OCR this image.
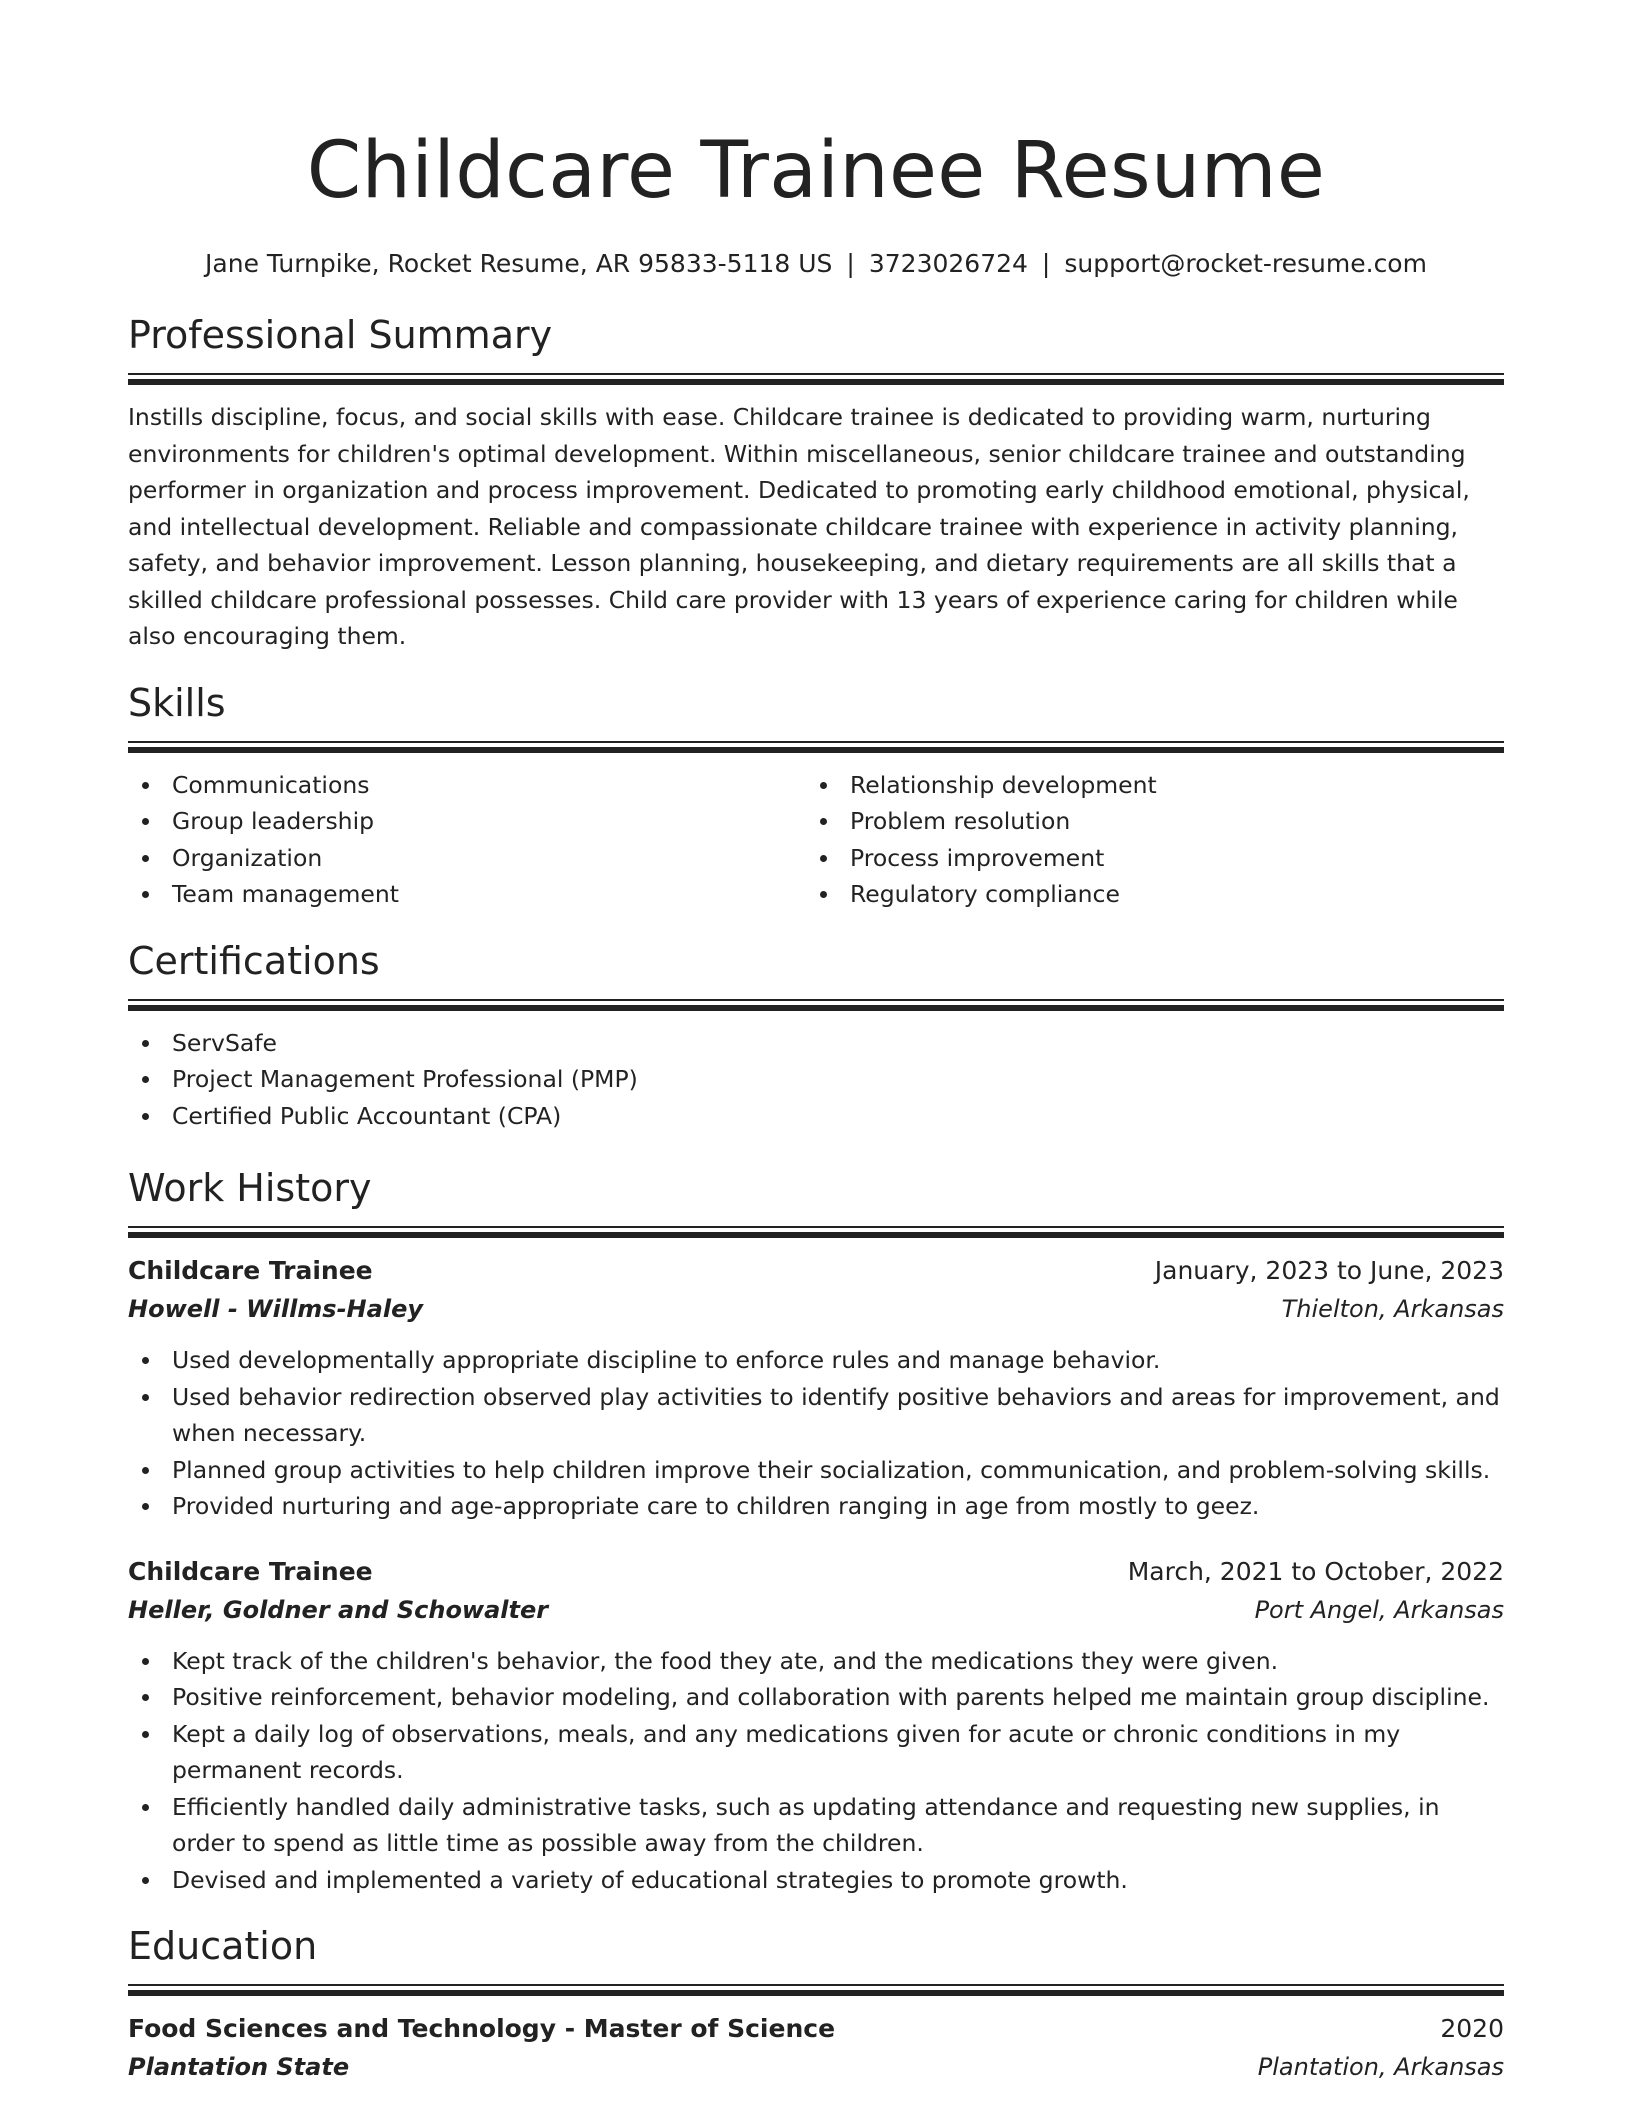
Childcare Trainee Resume
Jane Turnpike, Rocket Resume, AR 95833-5118 US | 3723026724 | support@rocket-resume.com
Professional Summary

Instills discipline, focus, and social skills with ease. Childcare trainee is dedicated to providing warm, nurturing environments for children's optimal development. Within miscellaneous, senior childcare trainee and outstanding performer in organization and process improvement. Dedicated to promoting early childhood emotional, physical, and intellectual development. Reliable and compassionate childcare trainee with experience in activity planning, safety, and behavior improvement. Lesson planning, housekeeping, and dietary requirements are all skills that a skilled childcare professional possesses. Child care provider with 13 years of experience caring for children while also encouraging them.

Skills
Communications
Group leadership
Organization
Team management
Relationship development
Problem resolution
Process improvement
Regulatory compliance
Certifications
ServSafe
Project Management Professional (PMP)
Certified Public Accountant (CPA)
Work History
Childcare Trainee	January, 2023 to June, 2023
Howell - Willms-Haley	Thielton, Arkansas
Used developmentally appropriate discipline to enforce rules and manage behavior.
Used behavior redirection observed play activities to identify positive behaviors and areas for improvement, and when necessary.
Planned group activities to help children improve their socialization, communication, and problem-solving skills.
Provided nurturing and age-appropriate care to children ranging in age from mostly to geez.
Childcare Trainee	March, 2021 to October, 2022
Heller, Goldner and Schowalter	Port Angel, Arkansas
Kept track of the children's behavior, the food they ate, and the medications they were given.
Positive reinforcement, behavior modeling, and collaboration with parents helped me maintain group discipline.
Kept a daily log of observations, meals, and any medications given for acute or chronic conditions in my permanent records.
Efficiently handled daily administrative tasks, such as updating attendance and requesting new supplies, in order to spend as little time as possible away from the children.
Devised and implemented a variety of educational strategies to promote growth.
Education
Food Sciences and Technology - Master of Science	2020
Plantation State	Plantation, Arkansas
